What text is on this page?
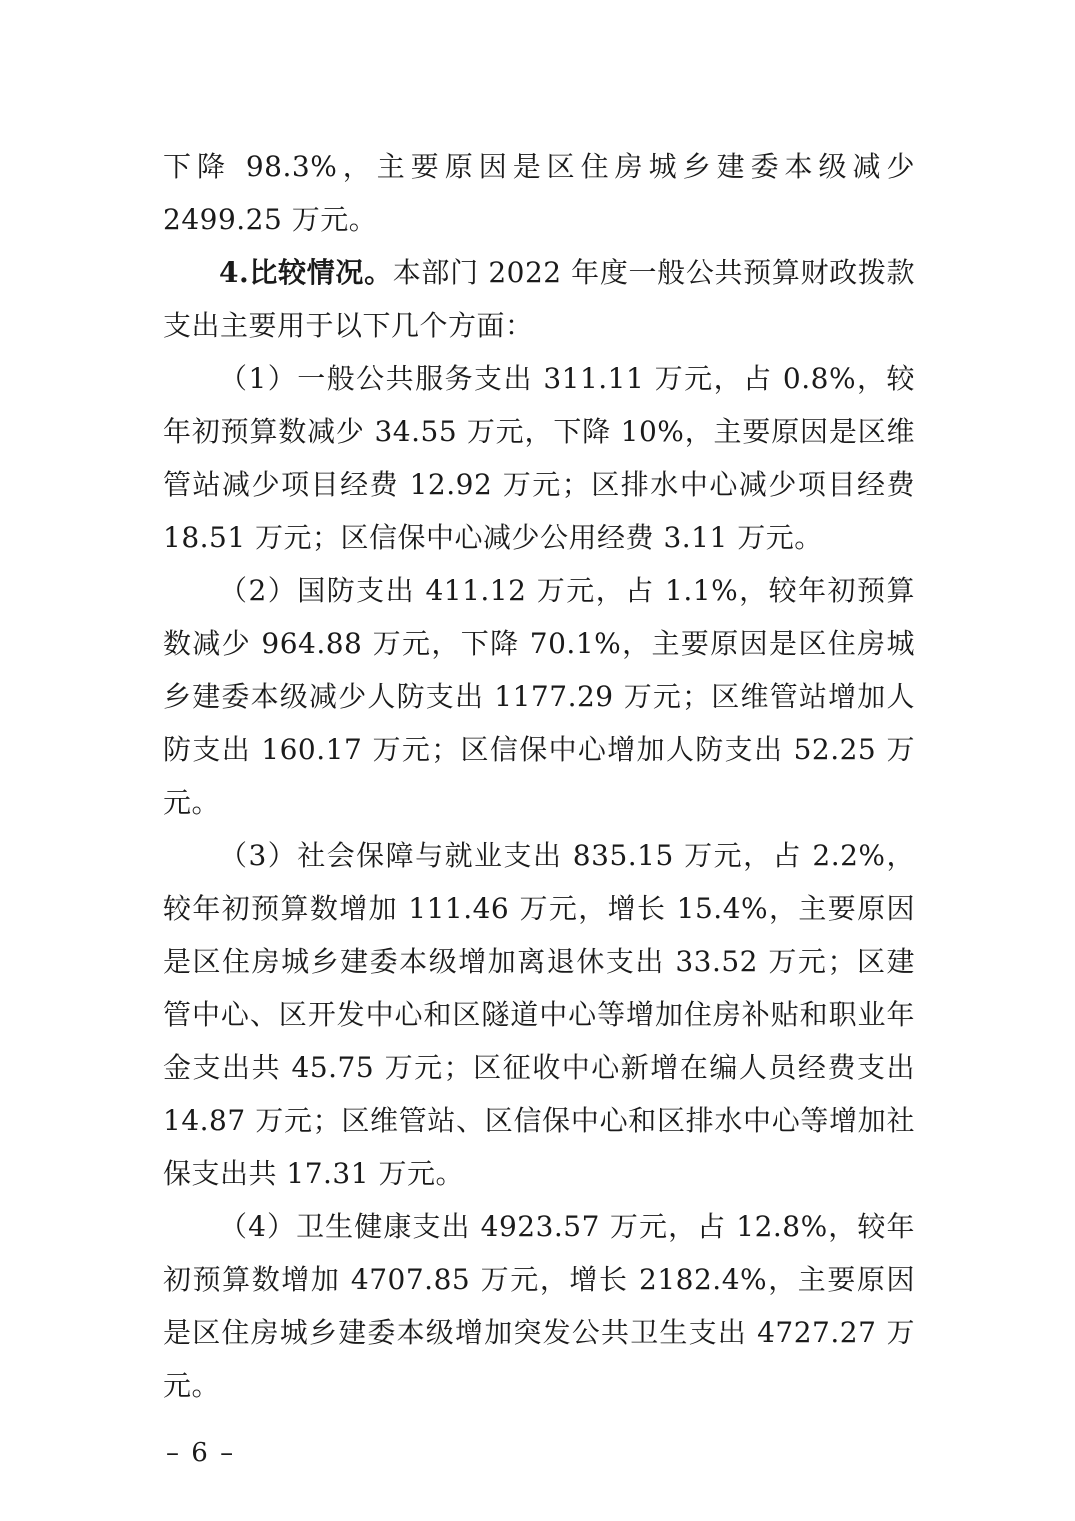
下降 98.3%，主要原因是区住房城乡建委本级减少 2499.25 万元。

4.比较情况。本部门 2022 年度一般公共预算财政拨款支出主要用于以下几个方面：

（1）一般公共服务支出 311.11 万元，占 0.8%，较年初预算数减少 34.55 万元，下降 10%，主要原因是区维管站减少项目经费 12.92 万元；区排水中心减少项目经费 18.51 万元；区信保中心减少公用经费 3.11 万元。

（2）国防支出 411.12 万元，占 1.1%，较年初预算数减少 964.88 万元，下降 70.1%，主要原因是区住房城乡建委本级减少人防支出 1177.29 万元；区维管站增加人防支出 160.17 万元；区信保中心增加人防支出 52.25 万元。

（3）社会保障与就业支出 835.15 万元，占 2.2%，较年初预算数增加 111.46 万元，增长 15.4%，主要原因是区住房城乡建委本级增加离退休支出 33.52 万元；区建管中心、区开发中心和区隧道中心等增加住房补贴和职业年金支出共 45.75 万元；区征收中心新增在编人员经费支出 14.87 万元；区维管站、区信保中心和区排水中心等增加社保支出共 17.31 万元。

（4）卫生健康支出 4923.57 万元，占 12.8%，较年初预算数增加 4707.85 万元，增长 2182.4%，主要原因是区住房城乡建委本级增加突发公共卫生支出 4727.27 万元。

– 6 –
